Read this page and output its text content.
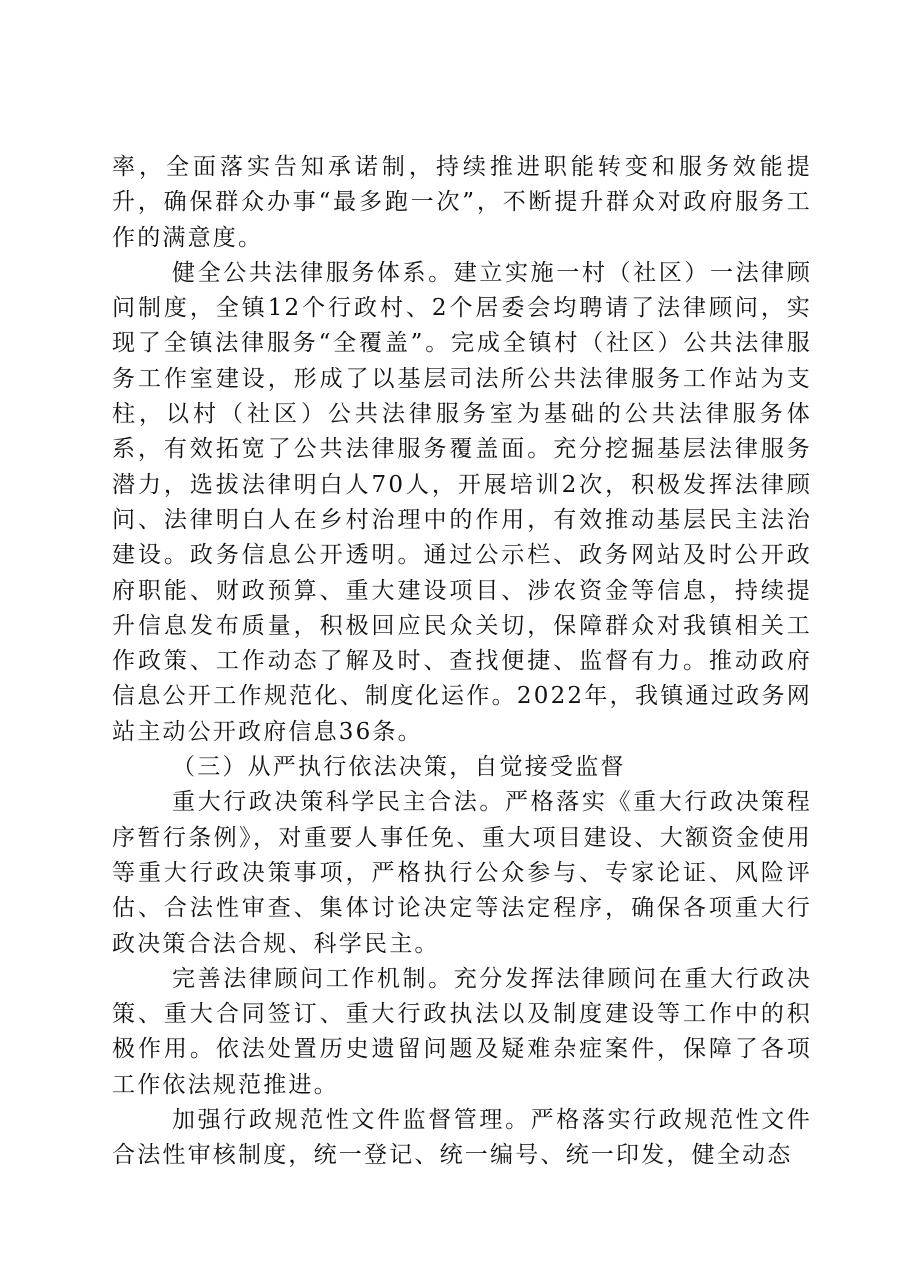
率，全面落实告知承诺制，持续推进职能转变和服务效能提升，确保群众办事“最多跑一次”，不断提升群众对政府服务工作的满意度。

健全公共法律服务体系。建立实施一村（社区）一法律顾问制度，全镇12个行政村、2个居委会均聘请了法律顾问，实现了全镇法律服务“全覆盖”。完成全镇村（社区）公共法律服务工作室建设，形成了以基层司法所公共法律服务工作站为支柱，以村（社区）公共法律服务室为基础的公共法律服务体系，有效拓宽了公共法律服务覆盖面。充分挖掘基层法律服务潜力，选拔法律明白人70人，开展培训2次，积极发挥法律顾问、法律明白人在乡村治理中的作用，有效推动基层民主法治建设。政务信息公开透明。通过公示栏、政务网站及时公开政府职能、财政预算、重大建设项目、涉农资金等信息，持续提升信息发布质量，积极回应民众关切，保障群众对我镇相关工作政策、工作动态了解及时、查找便捷、监督有力。推动政府信息公开工作规范化、制度化运作。2022年，我镇通过政务网站主动公开政府信息36条。

（三）从严执行依法决策，自觉接受监督

重大行政决策科学民主合法。严格落实《重大行政决策程序暂行条例》，对重要人事任免、重大项目建设、大额资金使用等重大行政决策事项，严格执行公众参与、专家论证、风险评估、合法性审查、集体讨论决定等法定程序，确保各项重大行政决策合法合规、科学民主。

完善法律顾问工作机制。充分发挥法律顾问在重大行政决策、重大合同签订、重大行政执法以及制度建设等工作中的积极作用。依法处置历史遗留问题及疑难杂症案件，保障了各项工作依法规范推进。

加强行政规范性文件监督管理。严格落实行政规范性文件合法性审核制度，统一登记、统一编号、统一印发，健全动态
